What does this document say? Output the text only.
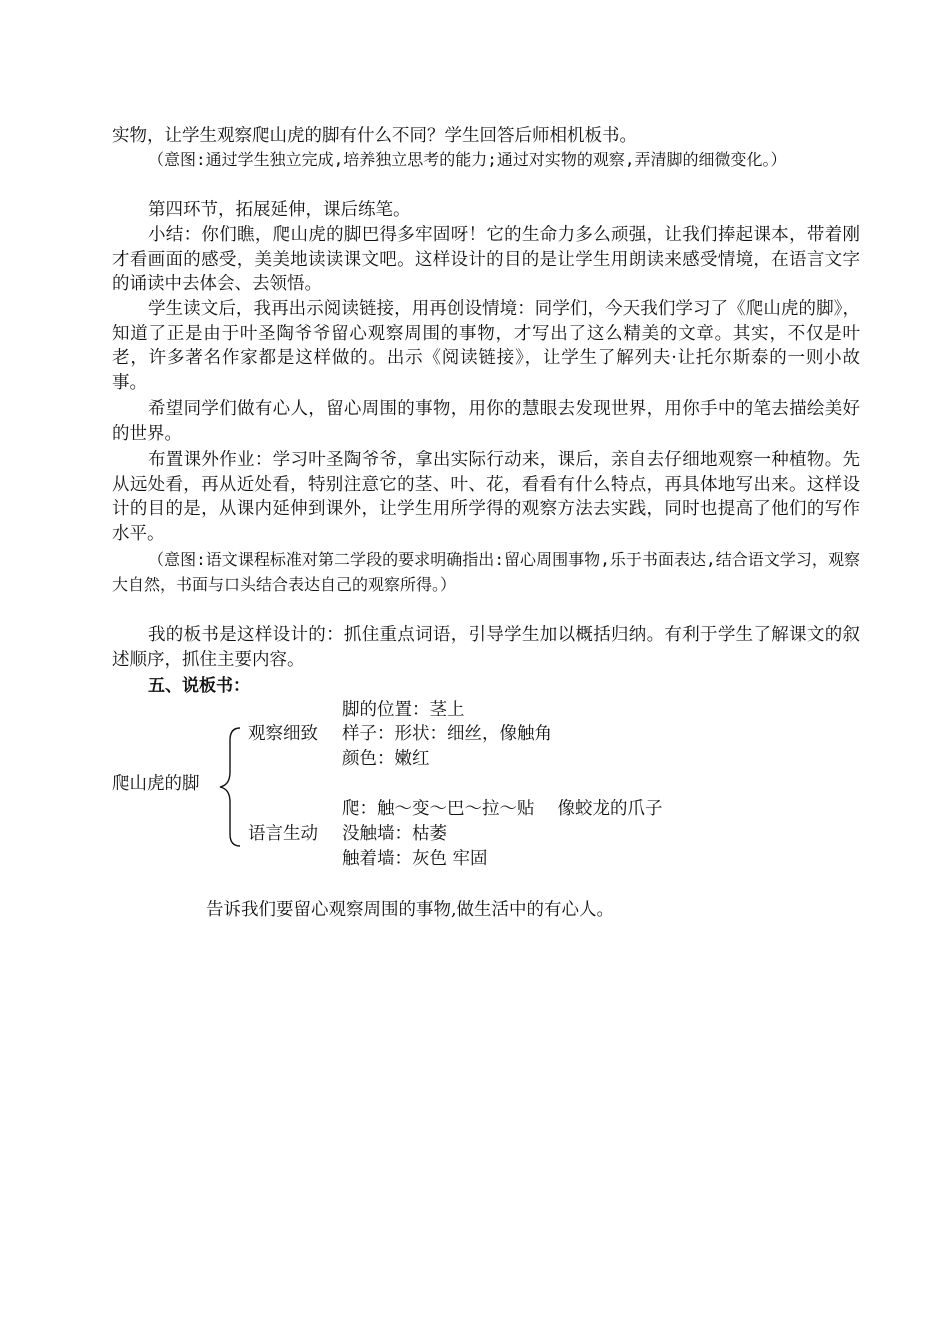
实物，让学生观察爬山虎的脚有什么不同？学生回答后师相机板书。
（意图:通过学生独立完成,培养独立思考的能力;通过对实物的观察,弄清脚的细微变化。）
第四环节，拓展延伸，课后练笔。
小结：你们瞧，爬山虎的脚巴得多牢固呀！它的生命力多么顽强，让我们捧起课本，带着刚才看画面的感受，美美地读读课文吧。这样设计的目的是让学生用朗读来感受情境，在语言文字的诵读中去体会、去领悟。
学生读文后，我再出示阅读链接，用再创设情境：同学们，今天我们学习了《爬山虎的脚》，知道了正是由于叶圣陶爷爷留心观察周围的事物，才写出了这么精美的文章。其实，不仅是叶老，许多著名作家都是这样做的。出示《阅读链接》，让学生了解列夫·让托尔斯泰的一则小故事。
希望同学们做有心人，留心周围的事物，用你的慧眼去发现世界，用你手中的笔去描绘美好的世界。
布置课外作业：学习叶圣陶爷爷，拿出实际行动来，课后，亲自去仔细地观察一种植物。先从远处看，再从近处看，特别注意它的茎、叶、花，看看有什么特点，再具体地写出来。这样设计的目的是，从课内延伸到课外，让学生用所学得的观察方法去实践，同时也提高了他们的写作水平。
（意图:语文课程标准对第二学段的要求明确指出:留心周围事物,乐于书面表达,结合语文学习，观察大自然，书面与口头结合表达自己的观察所得。）
我的板书是这样设计的：抓住重点词语，引导学生加以概括归纳。有利于学生了解课文的叙述顺序，抓住主要内容。
五、说板书：
爬山虎的脚
观察细致
脚的位置：茎上
样子：形状：细丝，像触角
颜色：嫩红
语言生动
爬：触～变～巴～拉～贴　 像蛟龙的爪子
没触墙：枯萎
触着墙：灰色 牢固
告诉我们要留心观察周围的事物,做生活中的有心人。
